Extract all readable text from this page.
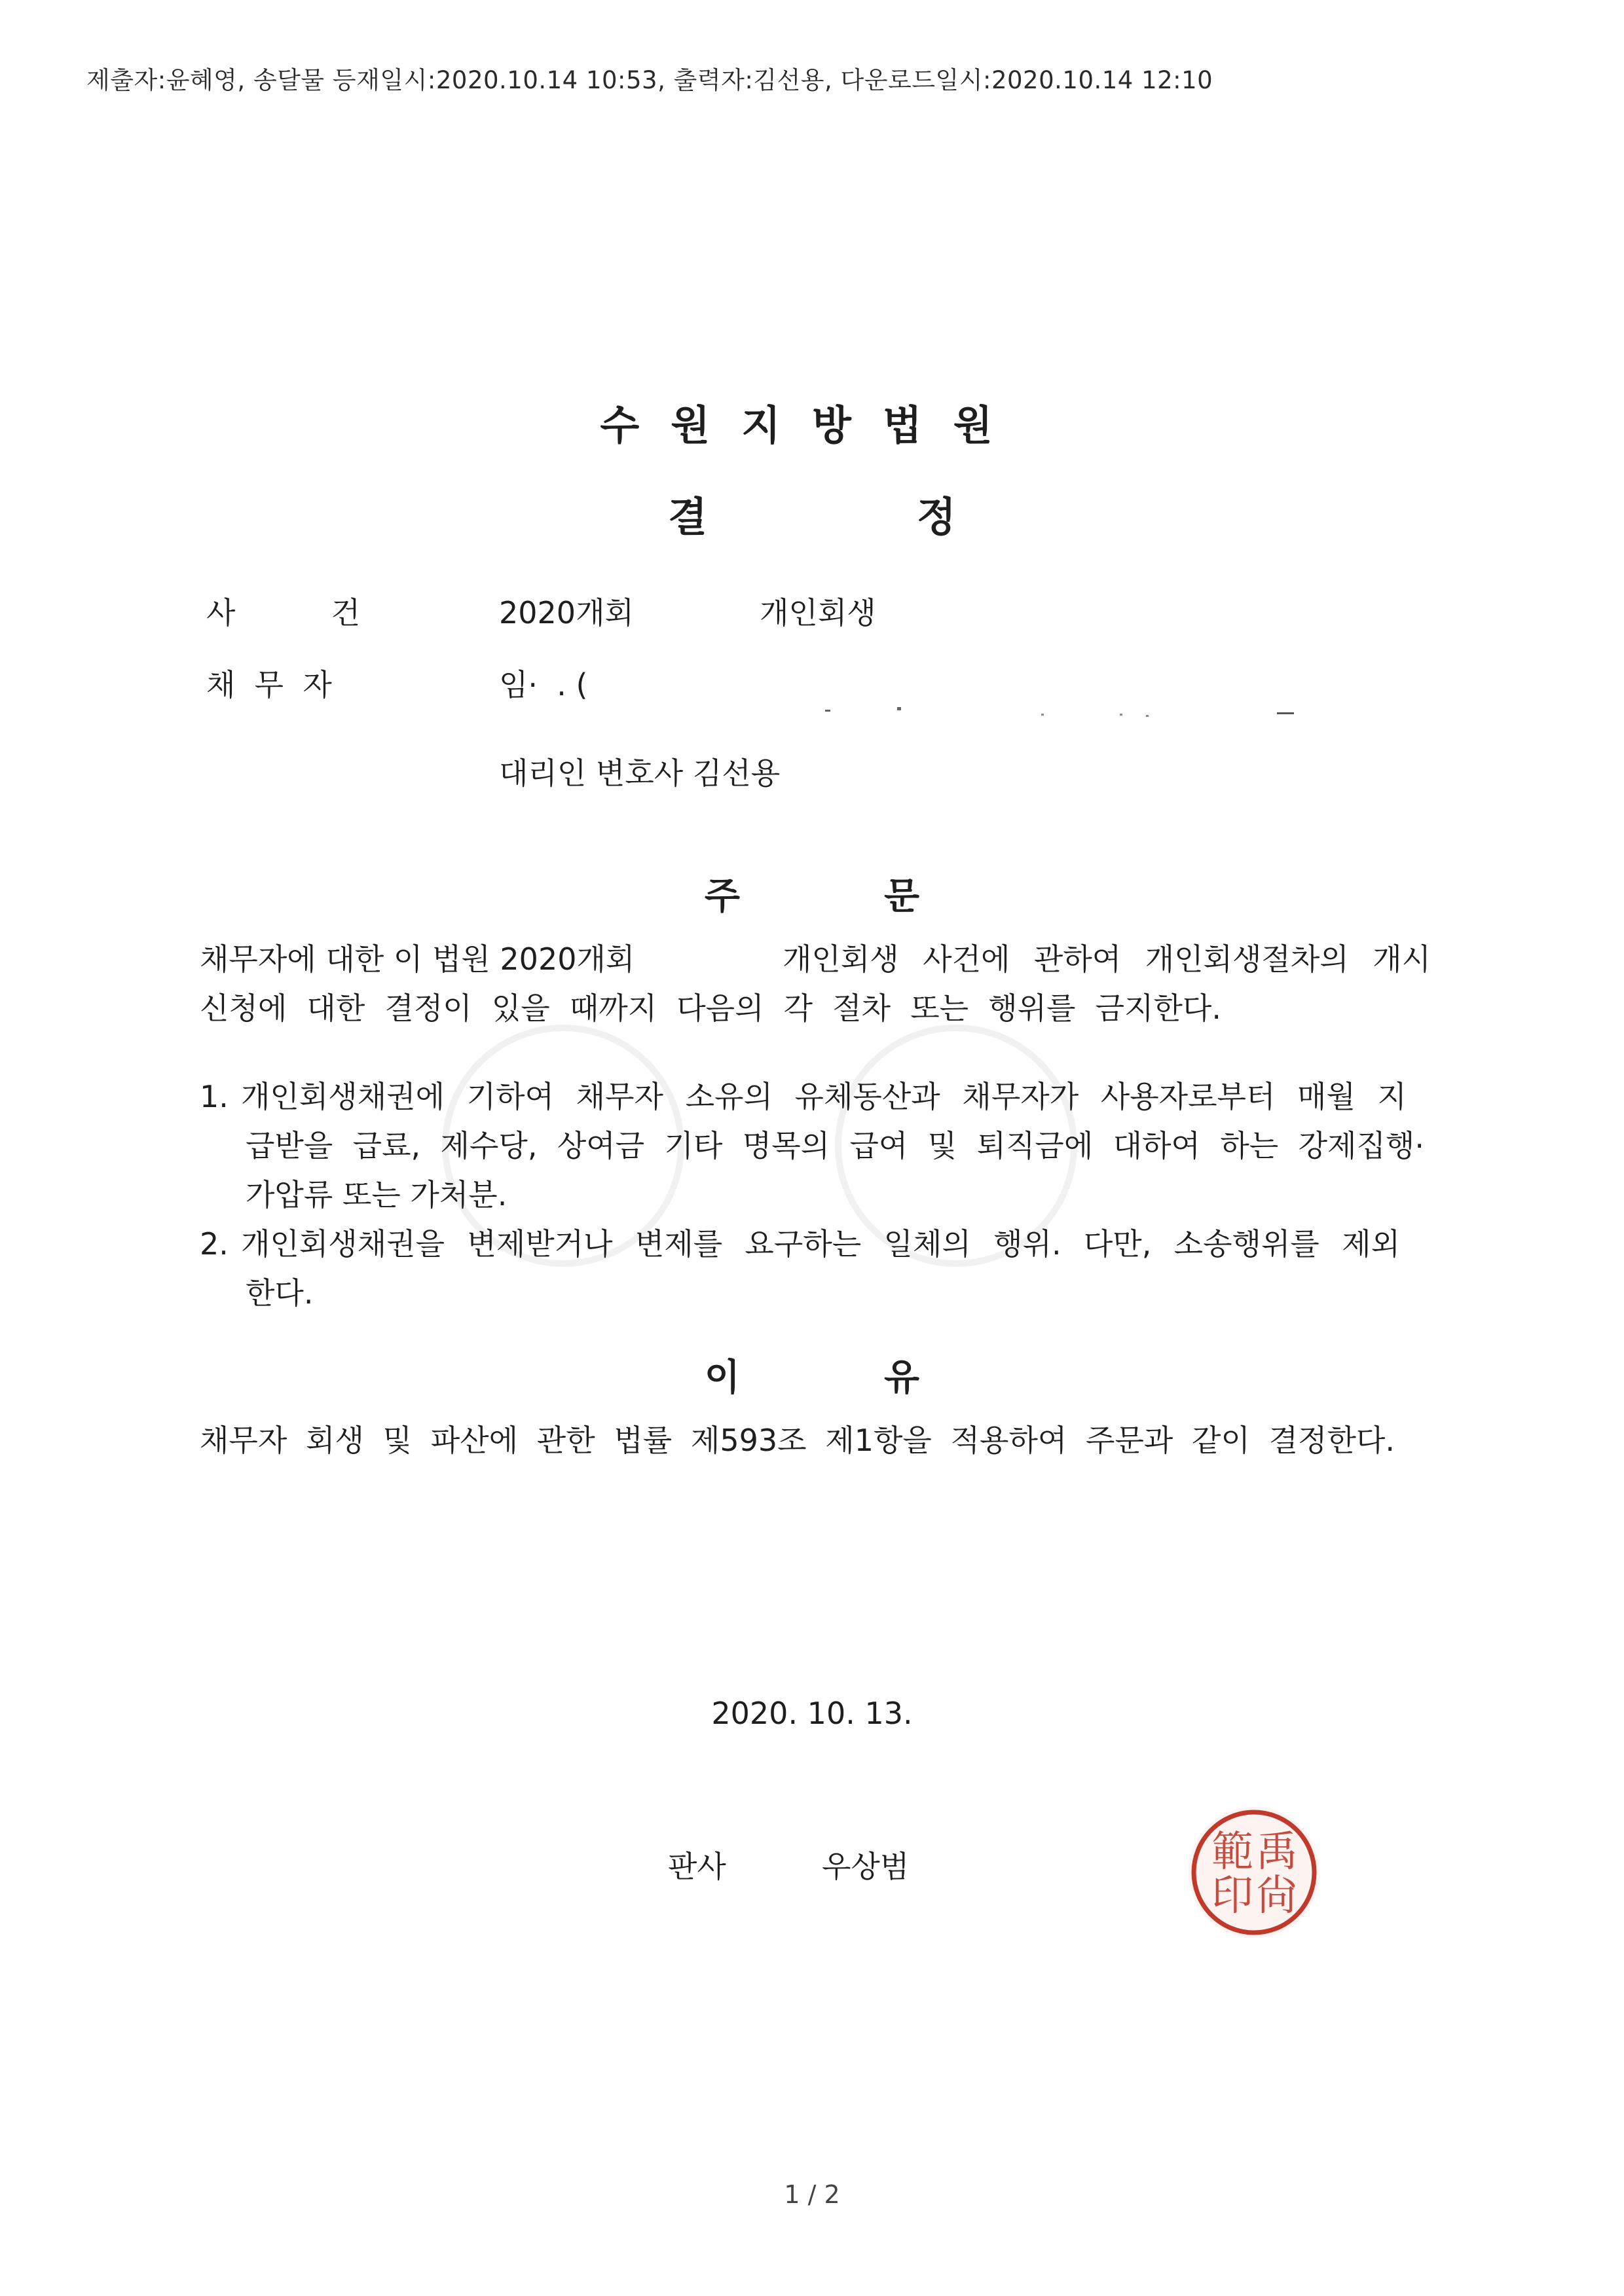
제출자:윤혜영, 송달물 등재일시:2020.10.14 10:53, 출력자:김선용, 다운로드일시:2020.10.14 12:10
수원지방법원
결	정
사          건	2020개회	개인회생
채  무  자	임·  . (
대리인 변호사 김선용
주	문
채무자에 대한 이 법원 2020개회	개인회생 사건에 관하여 개인회생절차의 개시
신청에 대한 결정이 있을 때까지 다음의 각 절차 또는 행위를 금지한다.
1. 개인회생채권에 기하여 채무자 소유의 유체동산과 채무자가 사용자로부터 매월 지
급받을 급료, 제수당, 상여금 기타 명목의 급여 및 퇴직금에 대하여 하는 강제집행·
가압류 또는 가처분.
2. 개인회생채권을 변제받거나 변제를 요구하는 일체의 행위. 다만, 소송행위를 제외
한다.
이	유
채무자 회생 및 파산에 관한 법률 제593조 제1항을 적용하여 주문과 같이 결정한다.
2020. 10. 13.
판사	우상범	禹
尙
範
印
1 / 2
